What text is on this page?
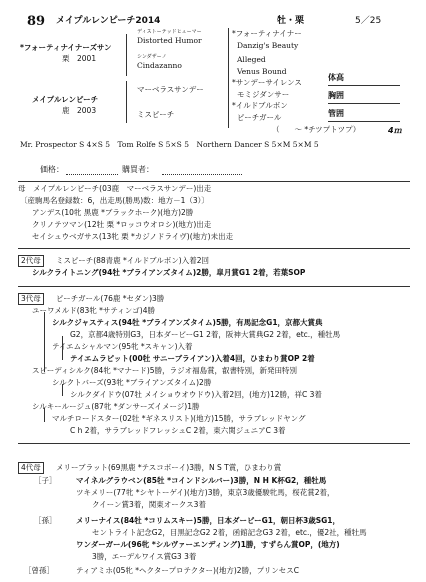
89 メイプルレンピーチ2014	牡・栗	5／25
*フォーティナイナーズサン
栗　2001
メイプルレンピーチ
鹿　2003
ディストーテッドヒューマー
Distorted Humor
シンダザーノ
Cindazanno
マーベラスサンデー
ミスピーチ
*フォーティナイナー
Danzig's Beauty
Alleged
Venus Bound
*サンデーサイレンス
モミジダンサー
*イルドブルボン
ピーチガール
（　　～ *チツプトツプ）	4ｍ
体高
胸囲
管囲
Mr. Prospector S 4×S 5　Tom Rolfe S 5×S 5　Northern Dancer S 5×M 5×M 5
価格：	購買者：
母　メイプルレンピーチ(03鹿　マーベラスサンデー)出走
〔産駒馬名登録数：6，出走馬(勝馬)数：地方－1（3）〕
アンデス(10牝 黒鹿 *ブラックホーク)(地方)2勝
クリノテツマン(12牡 栗 *ロッコウオロシ)(地方)出走
セイシュウベガサス(13牝 栗 *カジノドライヴ)(地方)未出走
2代母	ミスピーチ(88青鹿 *イルドブルボン)入着2回
シルクライトニング(94牡 *ブライアンズタイム)2勝，皐月賞G1 2着，若葉SOP
3代母	ピーチガール(76鹿 *セダン)3勝
ユーワメルド(83牝 *サティンゴ)4勝
シルクジャスティス(94牡 *ブライアンズタイム)5勝，有馬記念G1，京都大賞典
G2，京都4歳特別G3，日本ダービーG1 2着，阪神大賞典G2 2着，etc.，種牡馬
テイエムシャルマン(95牝 *スキャン)入着
テイエムラピット(00牡 サニーブライアン)入着4回，ひまわり賞OP 2着
スピーディシルク(84牝 *マナード)5勝，ラジオ福島賞，叡書特別，新発田特別
シルクトバーズ(93牝 *ブライアンズタイム)2勝
シルクダイドウ(07牡 メイショウオウドウ)入着2回，(地方)12勝，祥C 3着
シルキールージュ(87牝 *ダンサーズイメージ)1勝
マルチロードスター(02牡 *ギネスリスト)(地方)15勝，サラブレッドヤング
C h 2着，サラブレッドフレッシュC 2着，東六関ジュニアC 3着
4代母	メリーブラット(69黒鹿 *テスコボーイ)3勝，N S T賞，ひまわり賞
［子］	マイネルグラウベン(85牡 *コインドシルバー)3勝，N H K杯G2，種牡馬
ツキメリー(77牝 *シヤトーゲイ)(地方)3勝，東京3歳優駿牝馬，桜花賞2着，
クイーン賞3着，関東オークス3着
［孫］	メリーナイス(84牡 *コリムスキー)5勝，日本ダービーG1，朝日杯3歳SG1，
セントライト記念G2，目黒記念G2 2着，函館記念G3 2着，etc.，優2社，種牡馬
ワンダーガール(96牝 *シルヴァーエンディング)1勝，すずらん賞OP，(地方)
3勝，エーデルワイス賞G3 3着
［曾孫］	ティアミホ(05牝 *ヘクタープロテクター)(地方)2勝，プリンセスC
